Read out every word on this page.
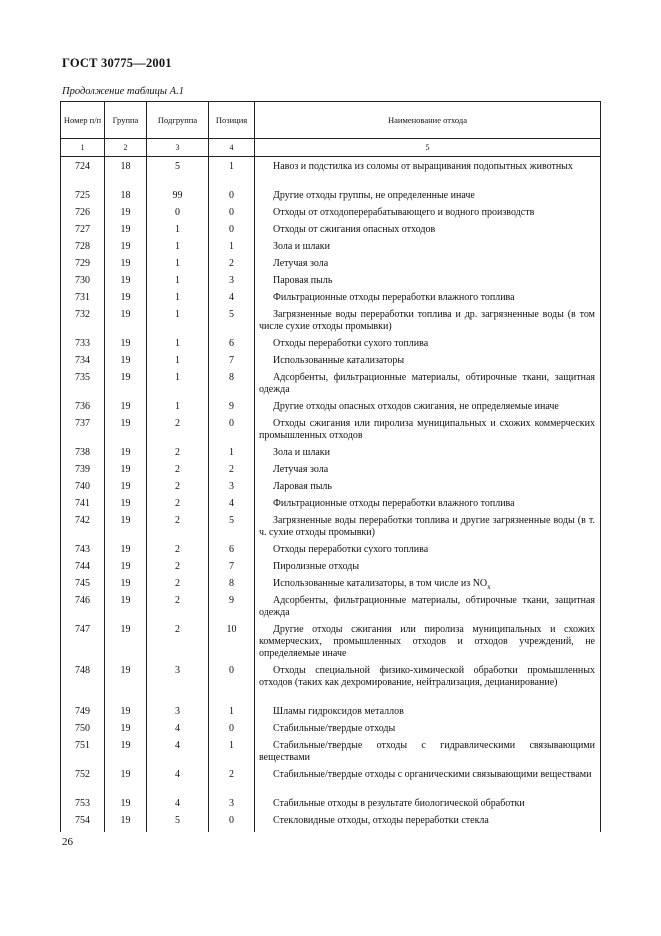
ГОСТ 30775—2001
Продолжение таблицы А.1
Номер п/п	Группа	Подгруппа	Позиция	Наименование отхода
1	2	3	4	5
724	18	5	1	Навоз и подстилка из соломы от выращивания подопытных животных
725	18	99	0	Другие отходы группы, не определенные иначе
726	19	0	0	Отходы от отходоперерабатывающего и водного производств
727	19	1	0	Отходы от сжигания опасных отходов
728	19	1	1	Зола и шлаки
729	19	1	2	Летучая зола
730	19	1	3	Паровая пыль
731	19	1	4	Фильтрационные отходы переработки влажного топлива
732	19	1	5	Загрязненные воды переработки топлива и др. загрязненные воды (в том числе сухие отходы промывки)
733	19	1	6	Отходы переработки сухого топлива
734	19	1	7	Использованные катализаторы
735	19	1	8	Адсорбенты, фильтрационные материалы, обтирочные ткани, защитная одежда
736	19	1	9	Другие отходы опасных отходов сжигания, не определяемые иначе
737	19	2	0	Отходы сжигания или пиролиза муниципальных и схожих коммерческих промышленных отходов
738	19	2	1	Зола и шлаки
739	19	2	2	Летучая зола
740	19	2	3	Ларовая пыль
741	19	2	4	Фильтрационные отходы переработки влажного топлива
742	19	2	5	Загрязненные воды переработки топлива и другие загрязненные воды (в т. ч. сухие отходы промывки)
743	19	2	6	Отходы переработки сухого топлива
744	19	2	7	Пиролизные отходы
745	19	2	8	Использованные катализаторы, в том числе из $NO_x$
746	19	2	9	Адсорбенты, фильтрационные материалы, обтирочные ткани, защитная одежда
747	19	2	10	Другие отходы сжигания или пиролиза муниципальных и схожих коммерческих, промышленных отходов и отходов учреждений, не определяемые иначе
748	19	3	0	Отходы специальной физико-химической обработки промышленных отходов (таких как дехромирование, нейтрализация, децианирование)
749	19	3	1	Шламы гидроксидов металлов
750	19	4	0	Стабильные/твердые отходы
751	19	4	1	Стабильные/твердые отходы с гидравлическими связывающими веществами
752	19	4	2	Стабильные/твердые отходы с органическими связывающими веществами
753	19	4	3	Стабильные отходы в результате биологической обработки
754	19	5	0	Стекловидные отходы, отходы переработки стекла
26
